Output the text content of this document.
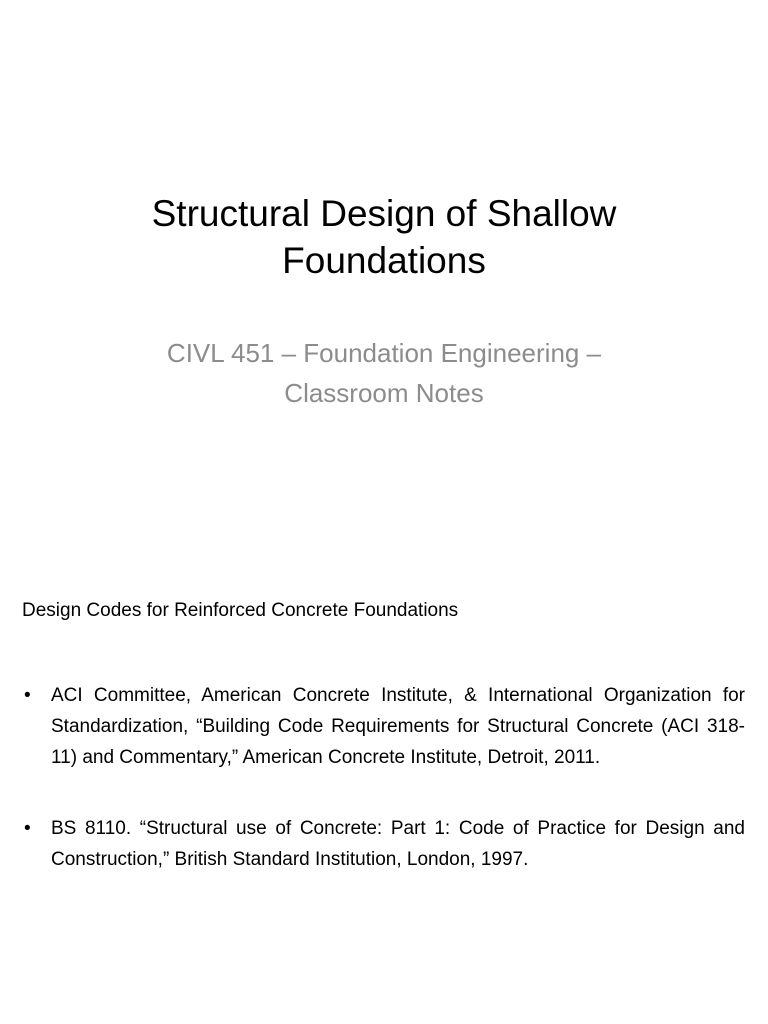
Structural Design of Shallow
Foundations
CIVL 451 – Foundation Engineering –
Classroom Notes
Design Codes for Reinforced Concrete Foundations
• ACI Committee, American Concrete Institute, & International Organization for Standardization, “Building Code Requirements for Structural Concrete (ACI 318-11) and Commentary,” American Concrete Institute, Detroit, 2011.
• BS 8110. “Structural use of Concrete: Part 1: Code of Practice for Design and Construction,” British Standard Institution, London, 1997.
